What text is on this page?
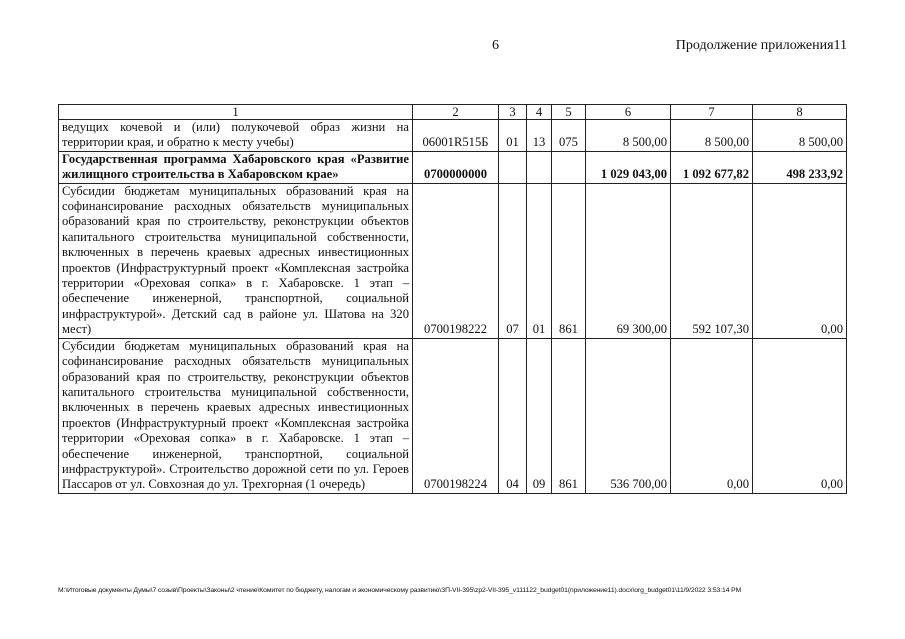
6	Продолжение приложения11
1	2	3	4	5	6	7	8
ведущих кочевой и (или) полукочевой образ жизни на территории края, и обратно к месту учебы)	06001R515Б	01	13	075	8 500,00	8 500,00	8 500,00
Государственная программа Хабаровского края «Развитие жилищного строительства в Хабаровском крае»	0700000000				1 029 043,00	1 092 677,82	498 233,92
Субсидии бюджетам муниципальных образований края на софинансирование расходных обязательств муниципальных образований края по строительству, реконструкции объектов капитального строительства муниципальной собственности, включенных в перечень краевых адресных инвестиционных проектов (Инфраструктурный проект «Комплексная застройка территории «Ореховая сопка» в г. Хабаровске. 1 этап – обеспечение инженерной, транспортной, социальной инфраструктурой». Детский сад в районе ул. Шатова на 320 мест)	0700198222	07	01	861	69 300,00	592 107,30	0,00
Субсидии бюджетам муниципальных образований края на софинансирование расходных обязательств муниципальных образований края по строительству, реконструкции объектов капитального строительства муниципальной собственности, включенных в перечень краевых адресных инвестиционных проектов (Инфраструктурный проект «Комплексная застройка территории «Ореховая сопка» в г. Хабаровске. 1 этап – обеспечение инженерной, транспортной, социальной инфраструктурой». Строительство дорожной сети по ул. Героев Пассаров от ул. Совхозная до ул. Трехгорная (1 очередь)	0700198224	04	09	861	536 700,00	0,00	0,00
M:\Итоговые документы Думы\7 созыв\Проекты\Законы\2 чтение\Комитет по бюджету, налогам и экономическому развитию\ЗП-VII-395\zp2-VII-395_v111122_budget01(приложение11).docx\org_budget01\11/9/2022 3:53:14 PM
